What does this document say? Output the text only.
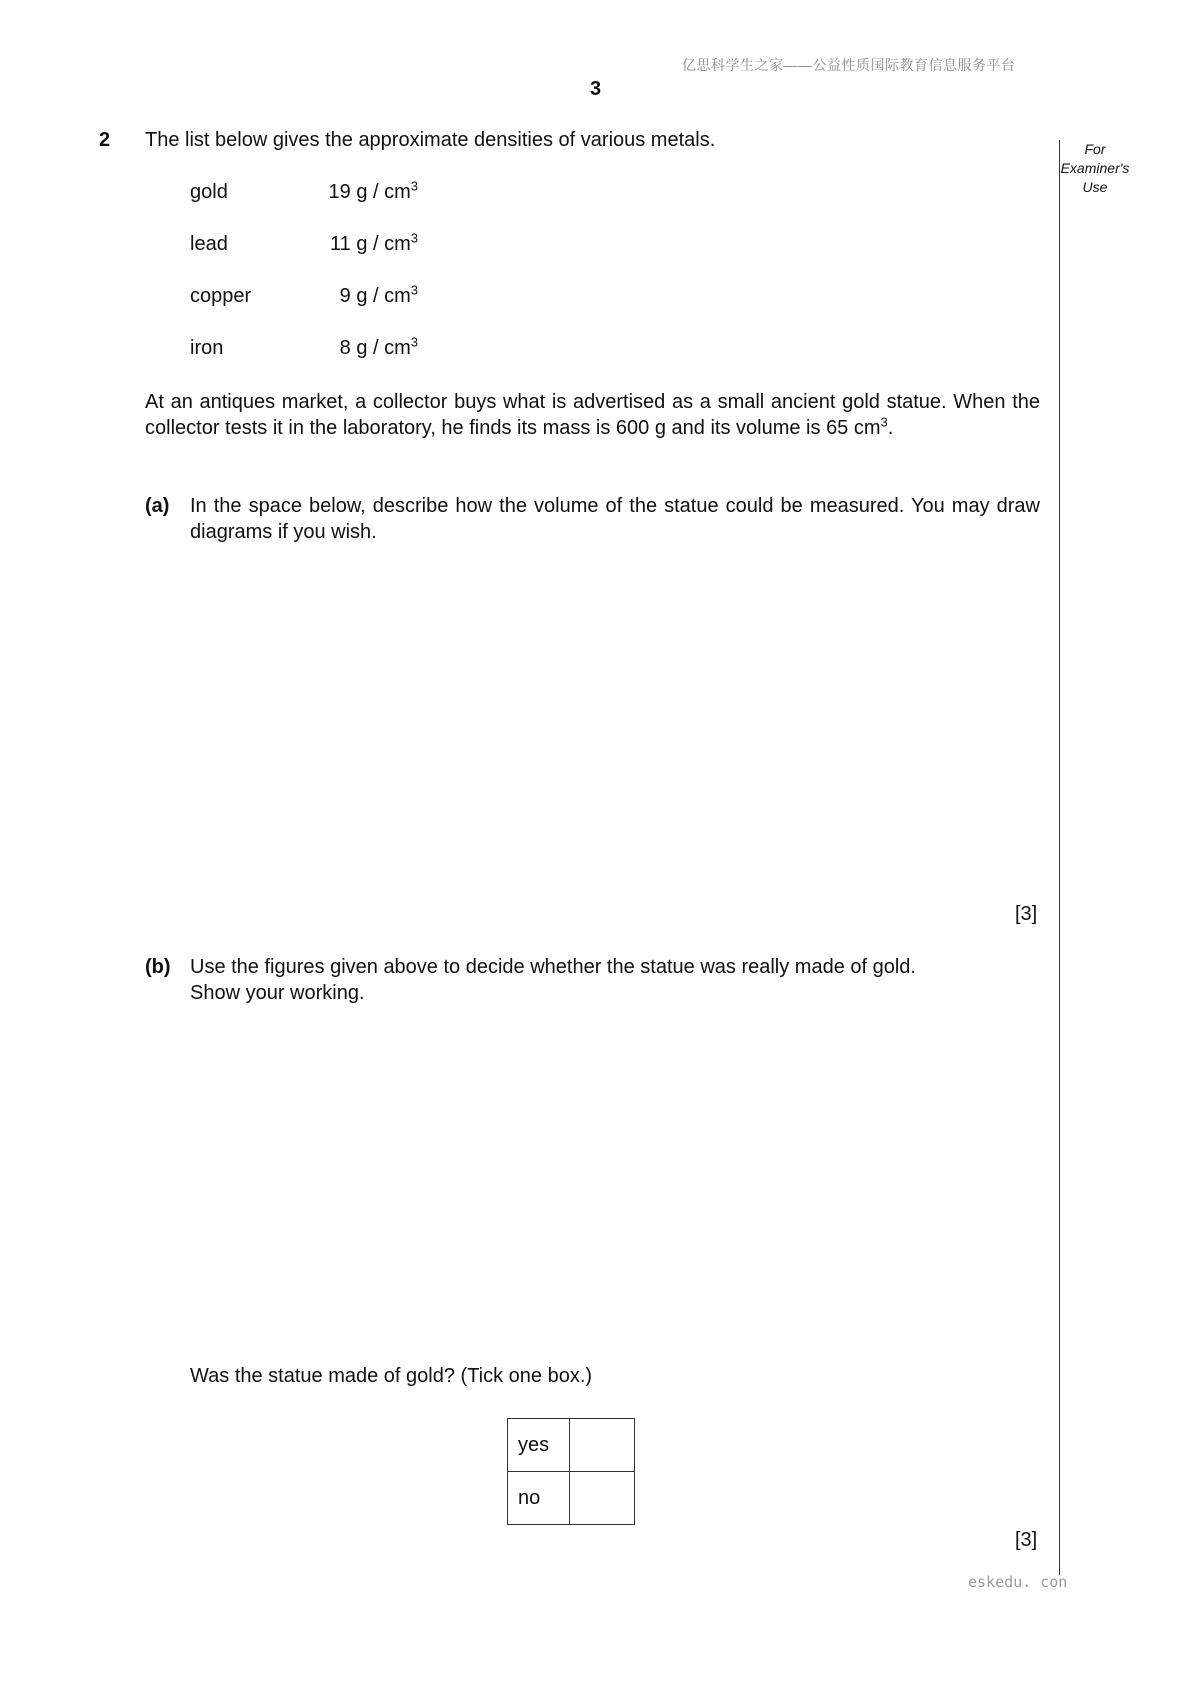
亿思科学生之家——公益性质国际教育信息服务平台
3
For
Examiner's
Use
2 The list below gives the approximate densities of various metals.
gold	19 g / $cm^3$
lead	11 g / $cm^3$
copper	9 g / $cm^3$
iron	8 g / $cm^3$
At an antiques market, a collector buys what is advertised as a small ancient gold statue. When the collector tests it in the laboratory, he finds its mass is 600 g and its volume is 65 $cm^3$.
(a) In the space below, describe how the volume of the statue could be measured. You may draw diagrams if you wish.
[3]
(b) Use the figures given above to decide whether the statue was really made of gold.
Show your working.
Was the statue made of gold? (Tick one box.)
yes	
no	
[3]
eskedu. con
